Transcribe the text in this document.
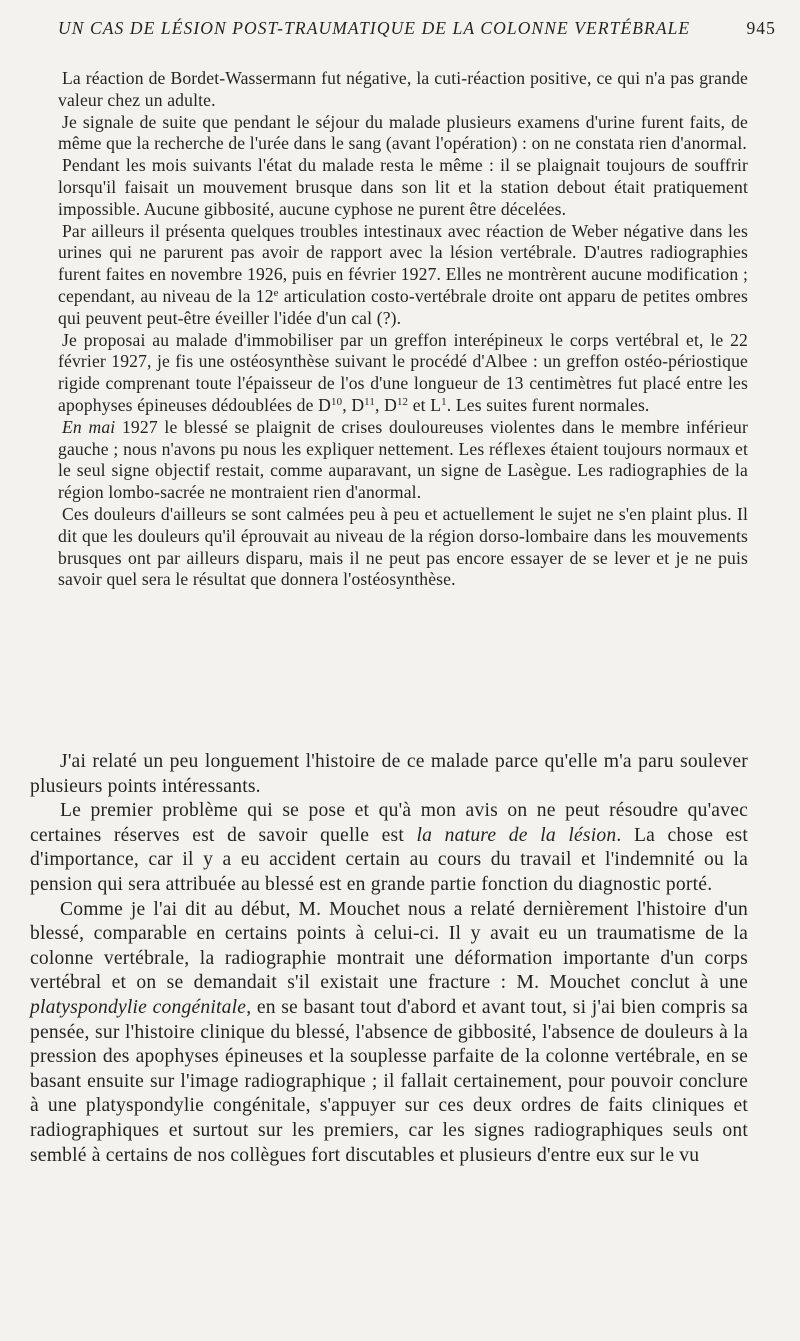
UN CAS DE LÉSION POST-TRAUMATIQUE DE LA COLONNE VERTÉBRALE	945

La réaction de Bordet-Wassermann fut négative, la cuti-réaction positive, ce qui n'a pas grande valeur chez un adulte.

Je signale de suite que pendant le séjour du malade plusieurs examens d'urine furent faits, de même que la recherche de l'urée dans le sang (avant l'opération) : on ne constata rien d'anormal.

Pendant les mois suivants l'état du malade resta le même : il se plaignait toujours de souffrir lorsqu'il faisait un mouvement brusque dans son lit et la station debout était pratiquement impossible. Aucune gibbosité, aucune cyphose ne purent être décelées.

Par ailleurs il présenta quelques troubles intestinaux avec réaction de Weber négative dans les urines qui ne parurent pas avoir de rapport avec la lésion vertébrale. D'autres radiographies furent faites en novembre 1926, puis en février 1927. Elles ne montrèrent aucune modification ; cependant, au niveau de la 12e articulation costo-vertébrale droite ont apparu de petites ombres qui peuvent peut-être éveiller l'idée d'un cal (?).

Je proposai au malade d'immobiliser par un greffon interépineux le corps vertébral et, le 22 février 1927, je fis une ostéosynthèse suivant le procédé d'Albee : un greffon ostéo-périostique rigide comprenant toute l'épaisseur de l'os d'une longueur de 13 centimètres fut placé entre les apophyses épineuses dédoublées de $D^{10}$, $D^{11}$, $D^{12}$ et $L^1$. Les suites furent normales.

En mai 1927 le blessé se plaignit de crises douloureuses violentes dans le membre inférieur gauche ; nous n'avons pu nous les expliquer nettement. Les réflexes étaient toujours normaux et le seul signe objectif restait, comme auparavant, un signe de Lasègue. Les radiographies de la région lombo-sacrée ne montraient rien d'anormal.

Ces douleurs d'ailleurs se sont calmées peu à peu et actuellement le sujet ne s'en plaint plus. Il dit que les douleurs qu'il éprouvait au niveau de la région dorso-lombaire dans les mouvements brusques ont par ailleurs disparu, mais il ne peut pas encore essayer de se lever et je ne puis savoir quel sera le résultat que donnera l'ostéosynthèse.

J'ai relaté un peu longuement l'histoire de ce malade parce qu'elle m'a paru soulever plusieurs points intéressants.

Le premier problème qui se pose et qu'à mon avis on ne peut résoudre qu'avec certaines réserves est de savoir quelle est la nature de la lésion. La chose est d'importance, car il y a eu accident certain au cours du travail et l'indemnité ou la pension qui sera attribuée au blessé est en grande partie fonction du diagnostic porté.

Comme je l'ai dit au début, M. Mouchet nous a relaté dernièrement l'histoire d'un blessé, comparable en certains points à celui-ci. Il y avait eu un traumatisme de la colonne vertébrale, la radiographie montrait une déformation importante d'un corps vertébral et on se demandait s'il existait une fracture : M. Mouchet conclut à une platyspondylie congénitale, en se basant tout d'abord et avant tout, si j'ai bien compris sa pensée, sur l'histoire clinique du blessé, l'absence de gibbosité, l'absence de douleurs à la pression des apophyses épineuses et la souplesse parfaite de la colonne vertébrale, en se basant ensuite sur l'image radiographique ; il fallait certainement, pour pouvoir conclure à une platyspondylie congénitale, s'appuyer sur ces deux ordres de faits cliniques et radiographiques et surtout sur les premiers, car les signes radiographiques seuls ont semblé à certains de nos collègues fort discutables et plusieurs d'entre eux sur le vu
